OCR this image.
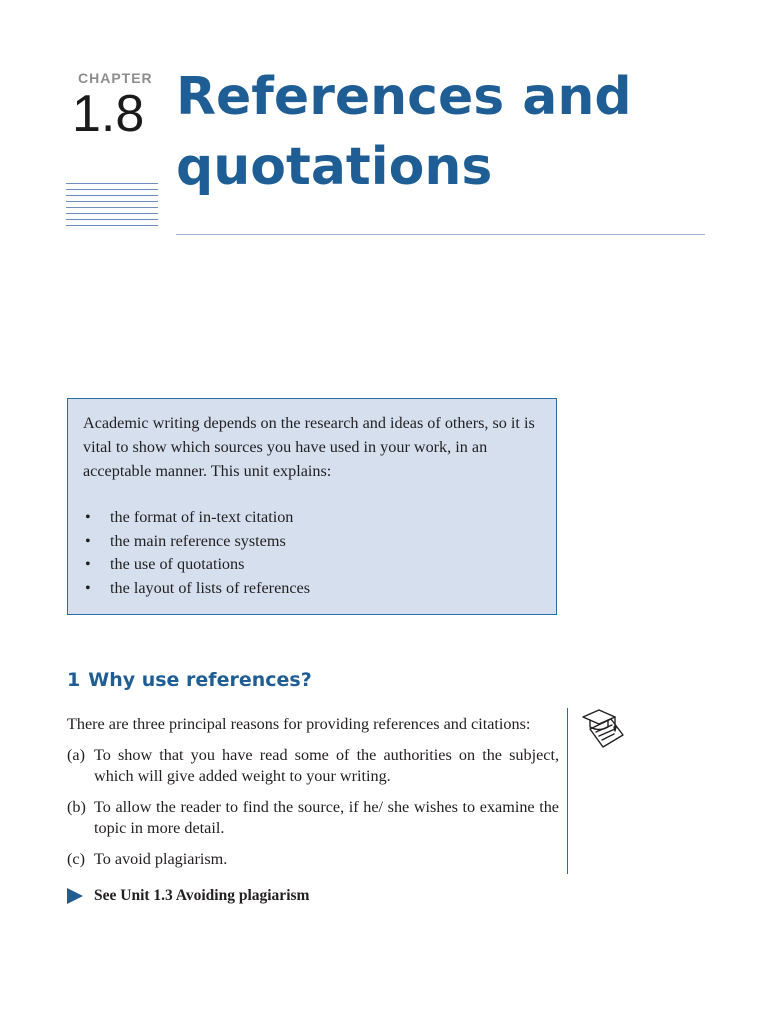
CHAPTER
1.8 References and
quotations

Academic writing depends on the research and ideas of others, so it is vital to show which sources you have used in your work, in an acceptable manner. This unit explains:

• the format of in-text citation
• the main reference systems
• the use of quotations
• the layout of lists of references
1 Why use references?

There are three principal reasons for providing references and citations:

(a) To show that you have read some of the authorities on the subject, which will give added weight to your writing.
(b) To allow the reader to find the source, if he/ she wishes to examine the topic in more detail.
(c) To avoid plagiarism.
See Unit 1.3 Avoiding plagiarism
